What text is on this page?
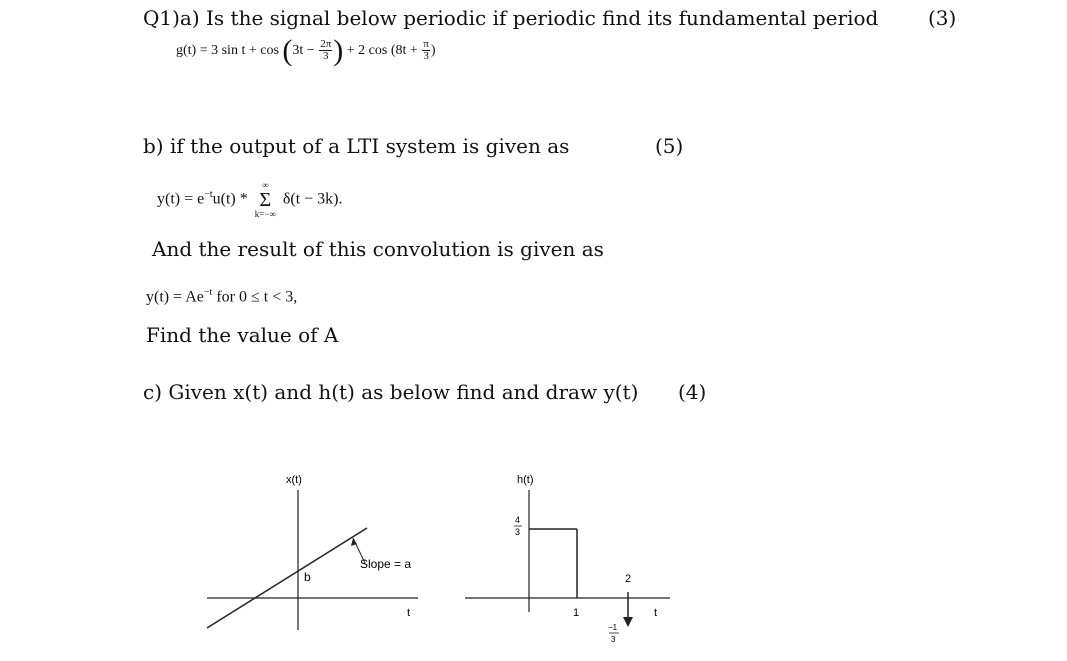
Q1)a) Is the signal below periodic if periodic find its fundamental period (3)
g(t) = 3 $\sin t + \cos (3t - \frac{2\pi}{3}$ ) + 2 $\cos (8t + \frac{\pi}{3}$ )
b) if the output of a LTI system is given as	(5)
$y(t) = e^{-t}u(t)$ *
∞
Σ
k=−∞
δ(t − 3k).
And the result of this convolution is given as
$y(t) = Ae^{-t}$ for 0 ≤ t < 3,
Find the value of A
c) Given x(t) and h(t) as below find and draw y(t) (4)
x(t)
b
Slope = a
t
h(t)
4
3
1
2
t
−1
3
